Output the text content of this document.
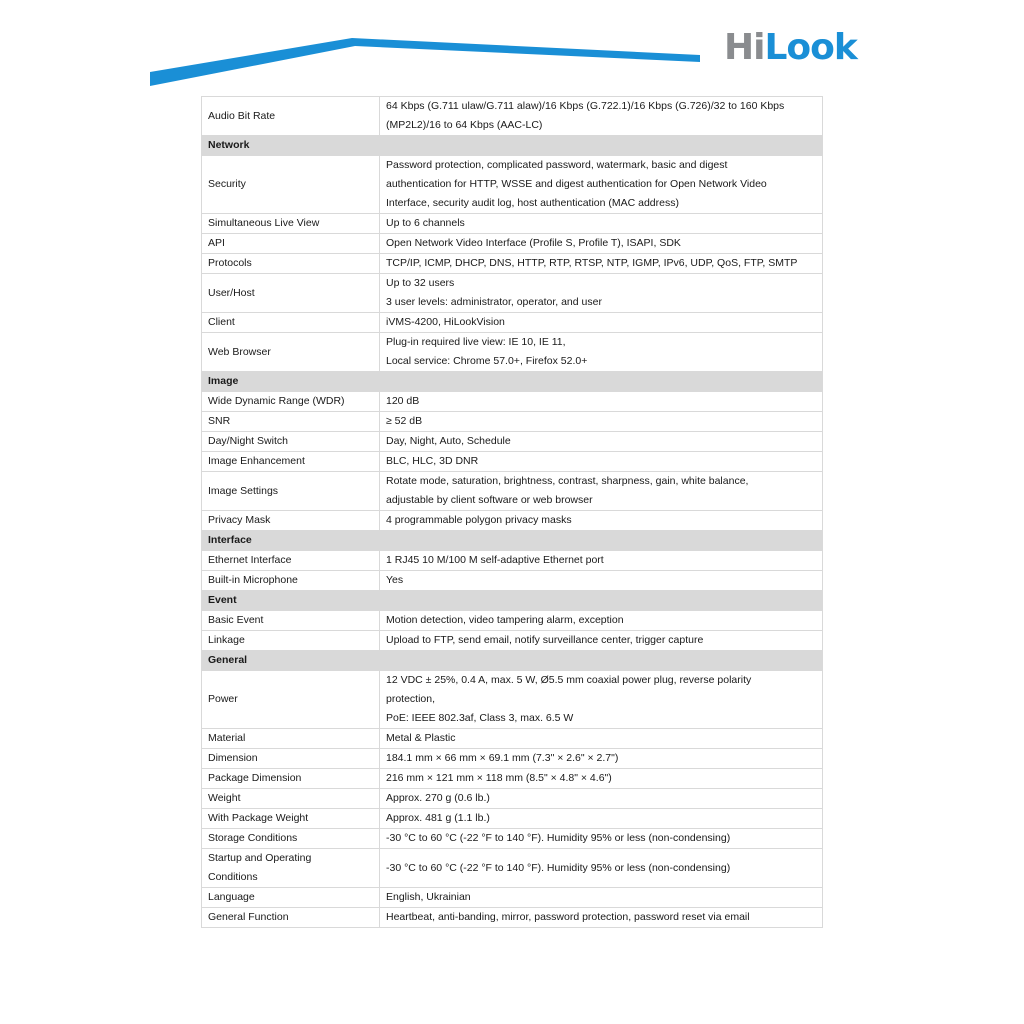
HiLook
Audio Bit Rate	64 Kbps (G.711 ulaw/G.711 alaw)/16 Kbps (G.722.1)/16 Kbps (G.726)/32 to 160 Kbps
(MP2L2)/16 to 64 Kbps (AAC-LC)

Network	
Security	Password protection, complicated password, watermark, basic and digest
authentication for HTTP, WSSE and digest authentication for Open Network Video
Interface, security audit log, host authentication (MAC address)

Simultaneous Live View	Up to 6 channels

API	Open Network Video Interface (Profile S, Profile T), ISAPI, SDK

Protocols	TCP/IP, ICMP, DHCP, DNS, HTTP, RTP, RTSP, NTP, IGMP, IPv6, UDP, QoS, FTP, SMTP

User/Host	Up to 32 users
3 user levels: administrator, operator, and user

Client	iVMS-4200, HiLookVision

Web Browser	Plug-in required live view: IE 10, IE 11,
Local service: Chrome 57.0+, Firefox 52.0+

Image	
Wide Dynamic Range (WDR)	120 dB

SNR	≥ 52 dB

Day/Night Switch	Day, Night, Auto, Schedule

Image Enhancement	BLC, HLC, 3D DNR

Image Settings	Rotate mode, saturation, brightness, contrast, sharpness, gain, white balance,
adjustable by client software or web browser

Privacy Mask	4 programmable polygon privacy masks

Interface	
Ethernet Interface	1 RJ45 10 M/100 M self-adaptive Ethernet port

Built-in Microphone	Yes

Event	
Basic Event	Motion detection, video tampering alarm, exception

Linkage	Upload to FTP, send email, notify surveillance center, trigger capture

General	
Power	12 VDC ± 25%, 0.4 A, max. 5 W, Ø5.5 mm coaxial power plug, reverse polarity
protection,
PoE: IEEE 802.3af, Class 3, max. 6.5 W

Material	Metal & Plastic

Dimension	184.1 mm × 66 mm × 69.1 mm (7.3" × 2.6" × 2.7")

Package Dimension	216 mm × 121 mm × 118 mm (8.5" × 4.8" × 4.6")

Weight	Approx. 270 g (0.6 lb.)

With Package Weight	Approx. 481 g (1.1 lb.)

Storage Conditions	-30 °C to 60 °C (-22 °F to 140 °F). Humidity 95% or less (non-condensing)

Startup and Operating
Conditions	-30 °C to 60 °C (-22 °F to 140 °F). Humidity 95% or less (non-condensing)

Language	English, Ukrainian

General Function	Heartbeat, anti-banding, mirror, password protection, password reset via email
